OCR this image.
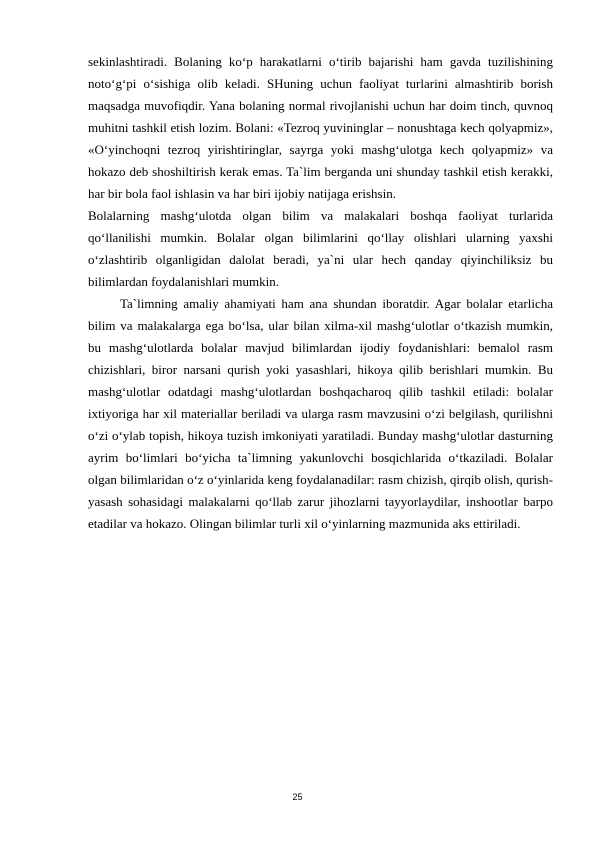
sekinlashtiradi. Bolaning ko‘p harakatlarni o‘tirib bajarishi ham gavda tuzilishining noto‘g‘pi o‘sishiga olib keladi. SHuning uchun faoliyat turlarini almashtirib borish maqsadga muvofiqdir. Yana bolaning normal rivojlanishi uchun har doim tinch, quvnoq muhitni tashkil etish lozim. Bolani: «Tezroq yuvininglar – nonushtaga kech qolyapmiz», «O‘yinchoqni tezroq yirishtiringlar, sayrga yoki mashg‘ulotga kech qolyapmiz» va hokazo deb shoshiltirish kerak emas. Ta`lim berganda uni shunday tashkil etish kerakki, har bir bola faol ishlasin va har biri ijobiy natijaga erishsin.

Bolalarning mashg‘ulotda olgan bilim va malakalari boshqa faoliyat turlarida qo‘llanilishi mumkin. Bolalar olgan bilimlarini qo‘llay olishlari ularning yaxshi o‘zlashtirib olganligidan dalolat beradi, ya`ni ular hech qanday qiyinchiliksiz bu bilimlardan foydalanishlari mumkin.

Ta`limning amaliy ahamiyati ham ana shundan iboratdir. Agar bolalar etarlicha bilim va malakalarga ega bo‘lsa, ular bilan xilma-xil mashg‘ulotlar o‘tkazish mumkin, bu mashg‘ulotlarda bolalar mavjud bilimlardan ijodiy foydanishlari: bemalol rasm chizishlari, biror narsani qurish yoki yasashlari, hikoya qilib berishlari mumkin. Bu mashg‘ulotlar odatdagi mashg‘ulotlardan boshqacharoq qilib tashkil etiladi: bolalar ixtiyoriga har xil materiallar beriladi va ularga rasm mavzusini o‘zi belgilash, qurilishni o‘zi o‘ylab topish, hikoya tuzish imkoniyati yaratiladi. Bunday mashg‘ulotlar dasturning ayrim bo‘limlari bo‘yicha ta`limning yakunlovchi bosqichlarida o‘tkaziladi. Bolalar olgan bilimlaridan o‘z o‘yinlarida keng foydalanadilar: rasm chizish, qirqib olish, qurish-yasash sohasidagi malakalarni qo‘llab zarur jihozlarni tayyorlaydilar, inshootlar barpo etadilar va hokazo. Olingan bilimlar turli xil o‘yinlarning mazmunida aks ettiriladi.

25
